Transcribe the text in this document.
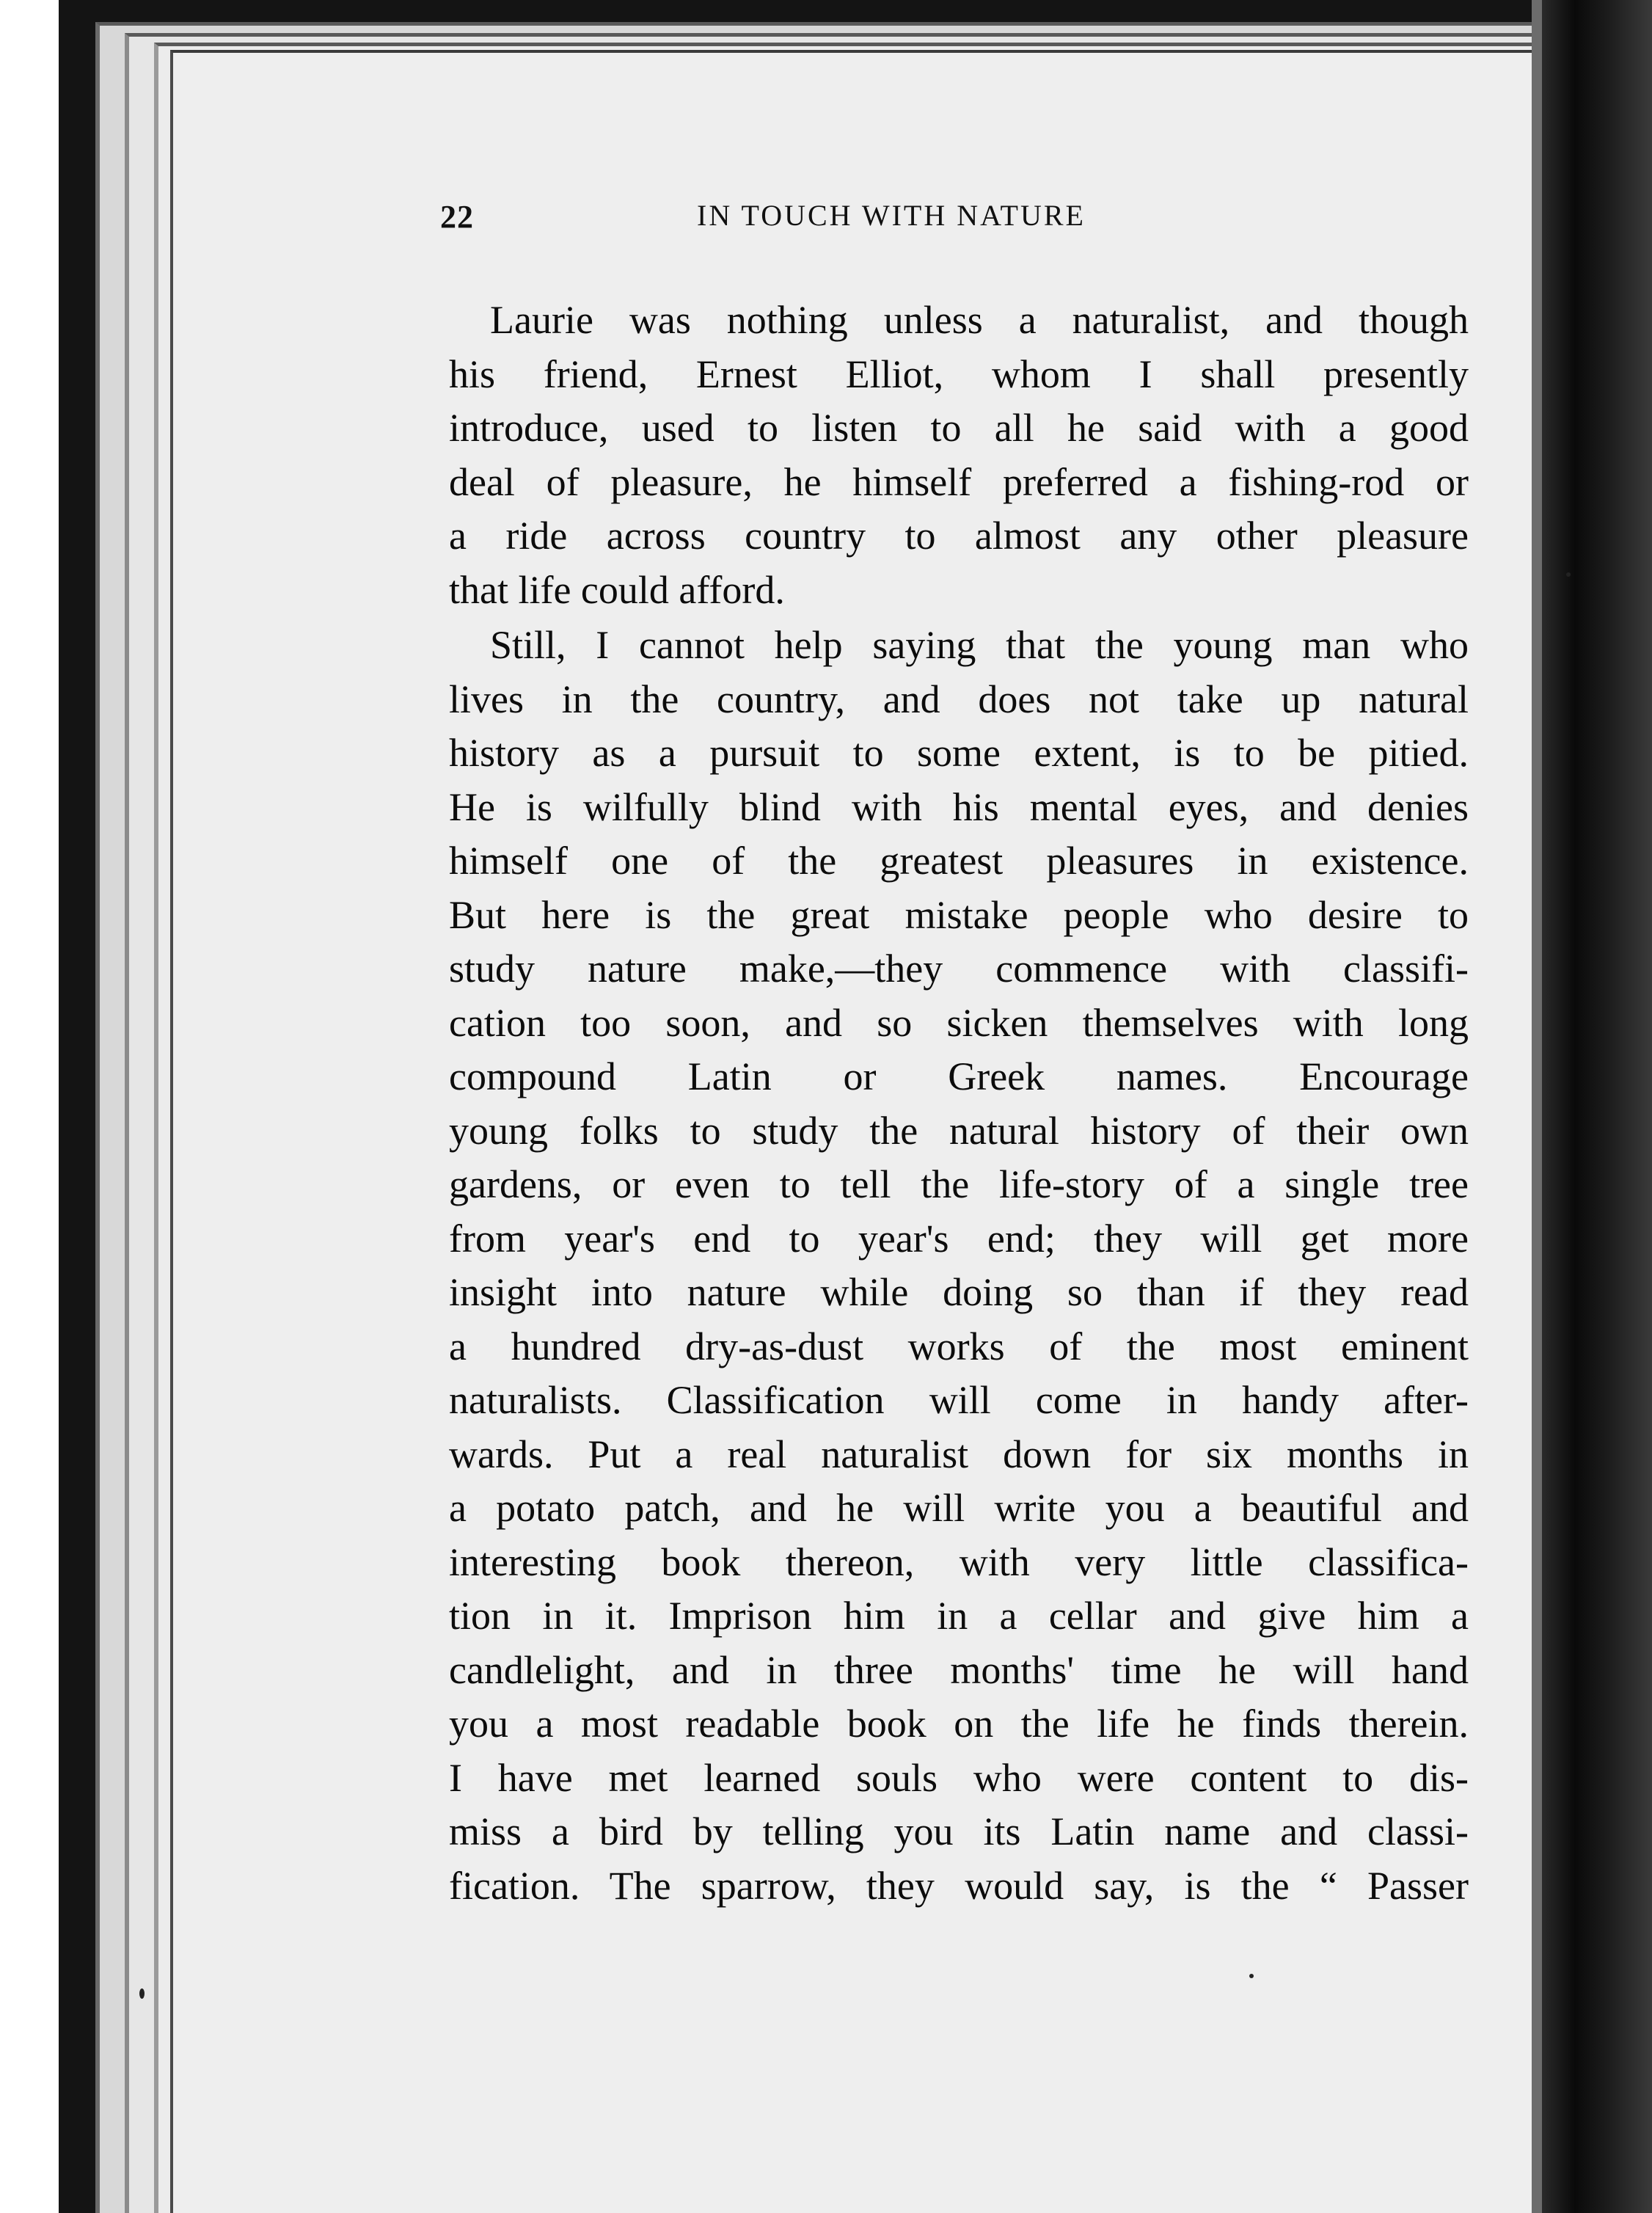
22	IN TOUCH WITH NATURE
Laurie was nothing unless a naturalist, and though
his friend, Ernest Elliot, whom I shall presently
introduce, used to listen to all he said with a good
deal of pleasure, he himself preferred a fishing-rod or
a ride across country to almost any other pleasure
that life could afford.
Still, I cannot help saying that the young man who
lives in the country, and does not take up natural
history as a pursuit to some extent, is to be pitied.
He is wilfully blind with his mental eyes, and denies
himself one of the greatest pleasures in existence.
But here is the great mistake people who desire to
study nature make,—they commence with classifi-
cation too soon, and so sicken themselves with long
compound Latin or Greek names. Encourage
young folks to study the natural history of their own
gardens, or even to tell the life-story of a single tree
from year's end to year's end; they will get more
insight into nature while doing so than if they read
a hundred dry-as-dust works of the most eminent
naturalists. Classification will come in handy after-
wards. Put a real naturalist down for six months in
a potato patch, and he will write you a beautiful and
interesting book thereon, with very little classifica-
tion in it. Imprison him in a cellar and give him a
candlelight, and in three months' time he will hand
you a most readable book on the life he finds therein.
I have met learned souls who were content to dis-
miss a bird by telling you its Latin name and classi-
fication. The sparrow, they would say, is the “ Passer
